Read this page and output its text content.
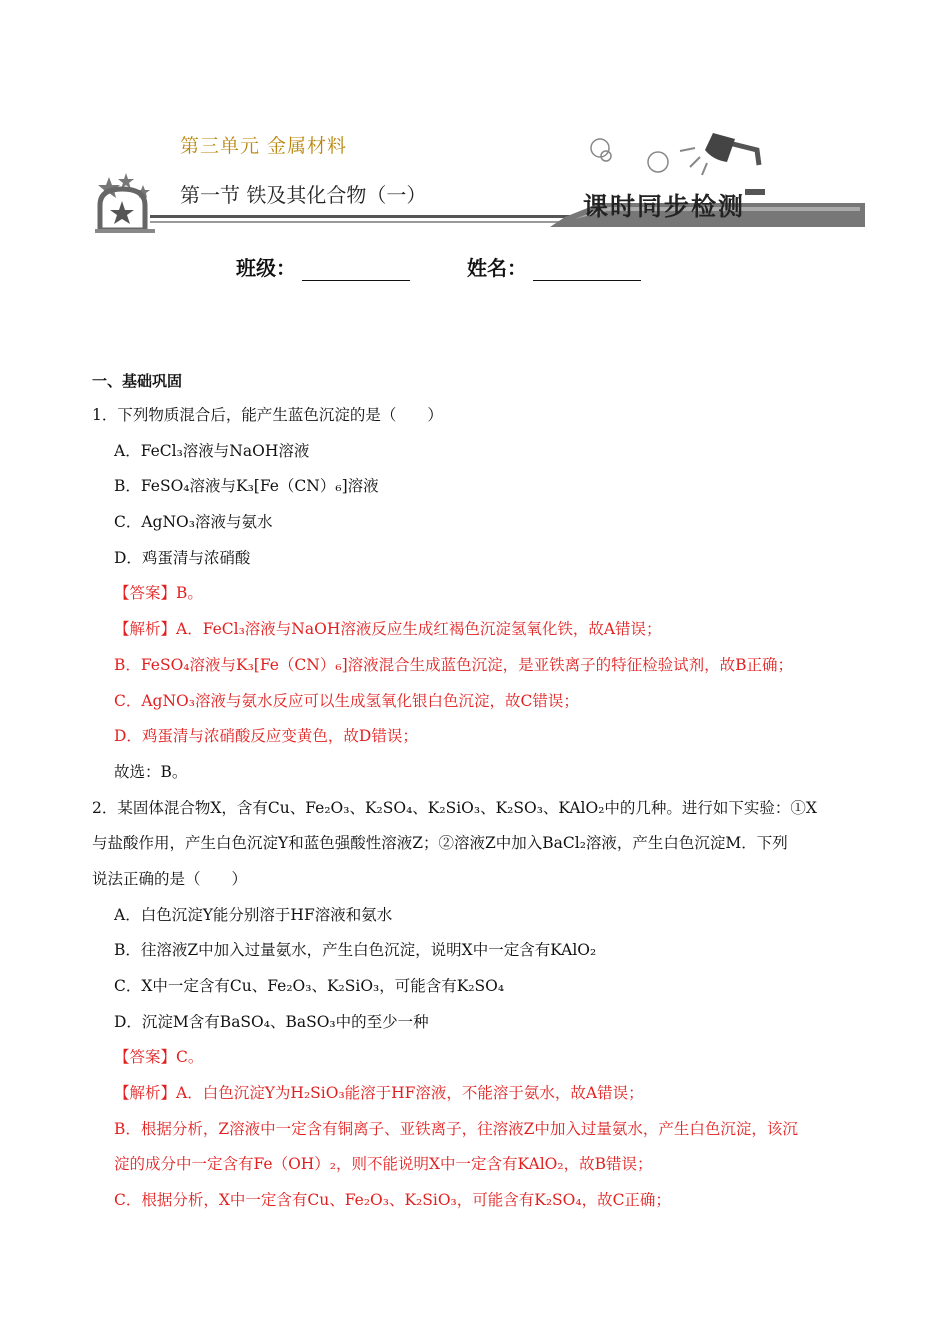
第三单元 金属材料
第一节 铁及其化合物（一）	课时同步检测
班级：	姓名：
一、基础巩固
1．下列物质混合后，能产生蓝色沉淀的是（　　）
A．FeCl₃溶液与NaOH溶液
B．FeSO₄溶液与K₃[Fe（CN）₆]溶液
C．AgNO₃溶液与氨水
D．鸡蛋清与浓硝酸
【答案】B。
【解析】A．FeCl₃溶液与NaOH溶液反应生成红褐色沉淀氢氧化铁，故A错误；
B．FeSO₄溶液与K₃[Fe（CN）₆]溶液混合生成蓝色沉淀，是亚铁离子的特征检验试剂，故B正确；
C．AgNO₃溶液与氨水反应可以生成氢氧化银白色沉淀，故C错误；
D．鸡蛋清与浓硝酸反应变黄色，故D错误；
故选：B。
2．某固体混合物X，含有Cu、Fe₂O₃、K₂SO₄、K₂SiO₃、K₂SO₃、KAlO₂中的几种。进行如下实验：①X
与盐酸作用，产生白色沉淀Y和蓝色强酸性溶液Z；②溶液Z中加入BaCl₂溶液，产生白色沉淀M．下列
说法正确的是（　　）
A．白色沉淀Y能分别溶于HF溶液和氨水
B．往溶液Z中加入过量氨水，产生白色沉淀，说明X中一定含有KAlO₂
C．X中一定含有Cu、Fe₂O₃、K₂SiO₃，可能含有K₂SO₄
D．沉淀M含有BaSO₄、BaSO₃中的至少一种
【答案】C。
【解析】A．白色沉淀Y为H₂SiO₃能溶于HF溶液，不能溶于氨水，故A错误；
B．根据分析，Z溶液中一定含有铜离子、亚铁离子，往溶液Z中加入过量氨水，产生白色沉淀，该沉
淀的成分中一定含有Fe（OH）₂，则不能说明X中一定含有KAlO₂，故B错误；
C．根据分析，X中一定含有Cu、Fe₂O₃、K₂SiO₃，可能含有K₂SO₄，故C正确；
